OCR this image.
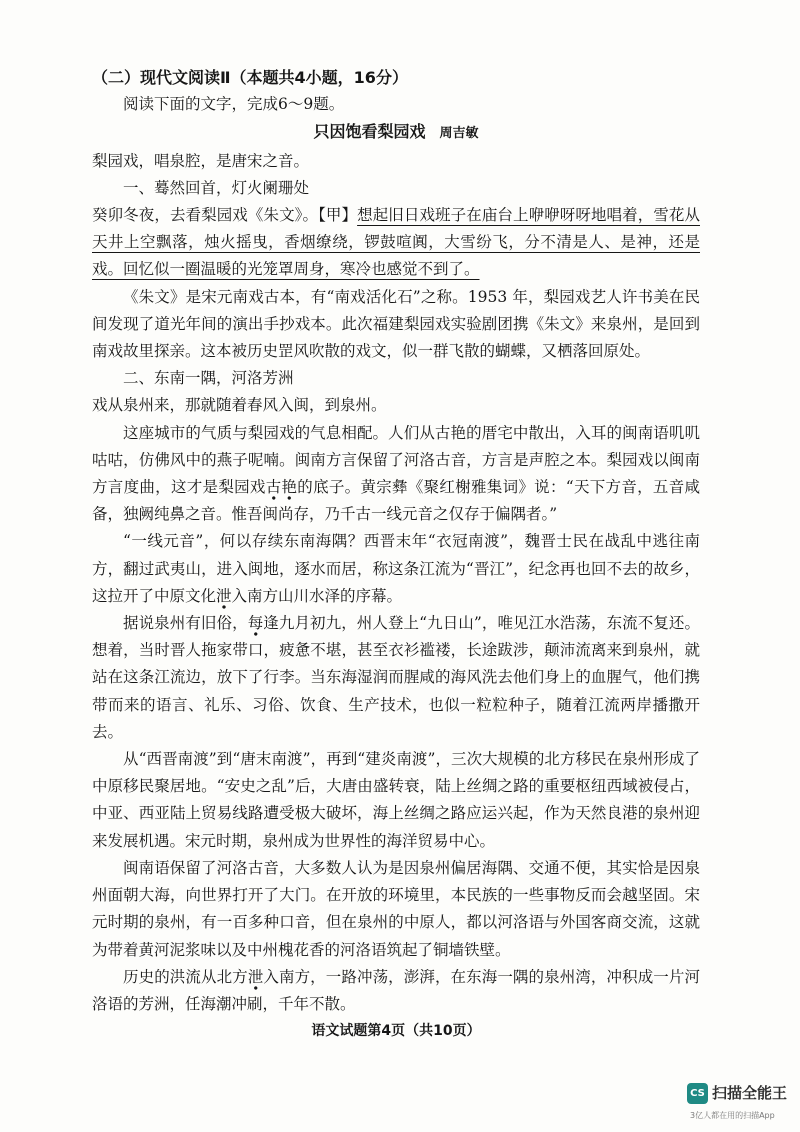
（二）现代文阅读Ⅱ（本题共4小题，16分）

阅读下面的文字，完成6～9题。

只因饱看梨园戏 周吉敏

梨园戏，唱泉腔，是唐宋之音。

一、蓦然回首，灯火阑珊处

癸卯冬夜，去看梨园戏《朱文》。【甲】想起旧日戏班子在庙台上咿咿呀呀地唱着，雪花从天井上空飘落，烛火摇曳，香烟缭绕，锣鼓喧阗，大雪纷飞，分不清是人、是神，还是戏。回忆似一圈温暖的光笼罩周身，寒冷也感觉不到了。

《朱文》是宋元南戏古本，有“南戏活化石”之称。1953 年，梨园戏艺人许书美在民间发现了道光年间的演出手抄戏本。此次福建梨园戏实验剧团携《朱文》来泉州，是回到南戏故里探亲。这本被历史罡风吹散的戏文，似一群飞散的蝴蝶，又栖落回原处。

二、东南一隅，河洛芳洲

戏从泉州来，那就随着春风入闽，到泉州。

这座城市的气质与梨园戏的气息相配。人们从古艳的厝宅中散出，入耳的闽南语叽叽咕咕，仿佛风中的燕子呢喃。闽南方言保留了河洛古音，方言是声腔之本。梨园戏以闽南方言度曲，这才是梨园戏古艳的底子。黄宗彝《聚红榭雅集词》说：“天下方音，五音咸备，独阙纯鼻之音。惟吾闽尚存，乃千古一线元音之仅存于偏隅者。”

“一线元音”，何以存续东南海隅？西晋末年“衣冠南渡”，魏晋士民在战乱中逃往南方，翻过武夷山，进入闽地，逐水而居，称这条江流为“晋江”，纪念再也回不去的故乡，这拉开了中原文化泄入南方山川水泽的序幕。

据说泉州有旧俗，每逢九月初九，州人登上“九日山”，唯见江水浩荡，东流不复还。想着，当时晋人拖家带口，疲惫不堪，甚至衣衫褴褛，长途跋涉，颠沛流离来到泉州，就站在这条江流边，放下了行李。当东海湿润而腥咸的海风洗去他们身上的血腥气，他们携带而来的语言、礼乐、习俗、饮食、生产技术，也似一粒粒种子，随着江流两岸播撒开去。

从“西晋南渡”到“唐末南渡”，再到“建炎南渡”，三次大规模的北方移民在泉州形成了中原移民聚居地。“安史之乱”后，大唐由盛转衰，陆上丝绸之路的重要枢纽西域被侵占，中亚、西亚陆上贸易线路遭受极大破坏，海上丝绸之路应运兴起，作为天然良港的泉州迎来发展机遇。宋元时期，泉州成为世界性的海洋贸易中心。

闽南语保留了河洛古音，大多数人认为是因泉州偏居海隅、交通不便，其实恰是因泉州面朝大海，向世界打开了大门。在开放的环境里，本民族的一些事物反而会越坚固。宋元时期的泉州，有一百多种口音，但在泉州的中原人，都以河洛语与外国客商交流，这就为带着黄河泥浆味以及中州槐花香的河洛语筑起了铜墙铁壁。

历史的洪流从北方泄入南方，一路冲荡，澎湃，在东海一隅的泉州湾，冲积成一片河洛语的芳洲，任海潮冲刷，千年不散。

语文试题第4页（共10页）

CS 扫描全能王
3亿人都在用的扫描App
